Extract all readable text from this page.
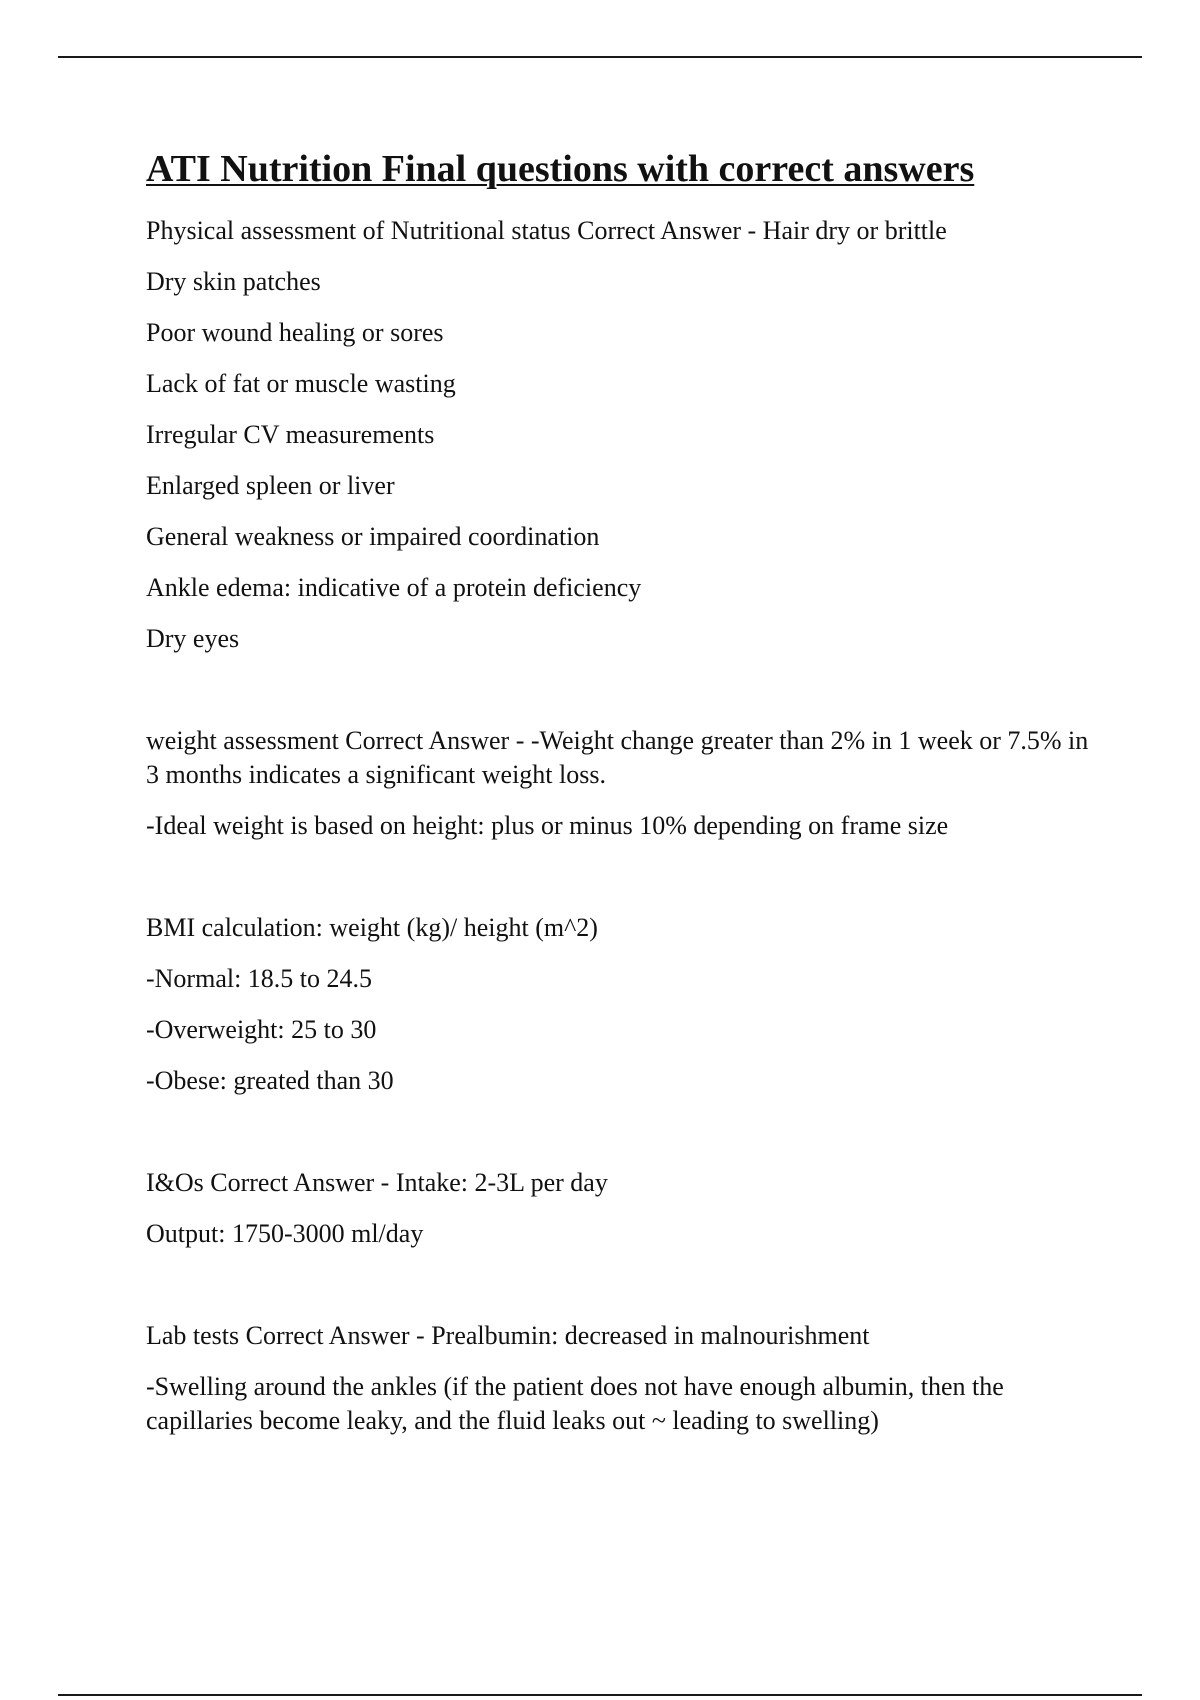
ATI Nutrition Final questions with correct answers

Physical assessment of Nutritional status Correct Answer - Hair dry or brittle

Dry skin patches

Poor wound healing or sores

Lack of fat or muscle wasting

Irregular CV measurements

Enlarged spleen or liver

General weakness or impaired coordination

Ankle edema: indicative of a protein deficiency

Dry eyes

weight assessment Correct Answer - -Weight change greater than 2% in 1 week or 7.5% in 3 months indicates a significant weight loss.

-Ideal weight is based on height: plus or minus 10% depending on frame size

BMI calculation: weight (kg)/ height (m^2)

-Normal: 18.5 to 24.5

-Overweight: 25 to 30

-Obese: greated than 30

I&Os Correct Answer - Intake: 2-3L per day

Output: 1750-3000 ml/day

Lab tests Correct Answer - Prealbumin: decreased in malnourishment

-Swelling around the ankles (if the patient does not have enough albumin, then the capillaries become leaky, and the fluid leaks out ~ leading to swelling)
